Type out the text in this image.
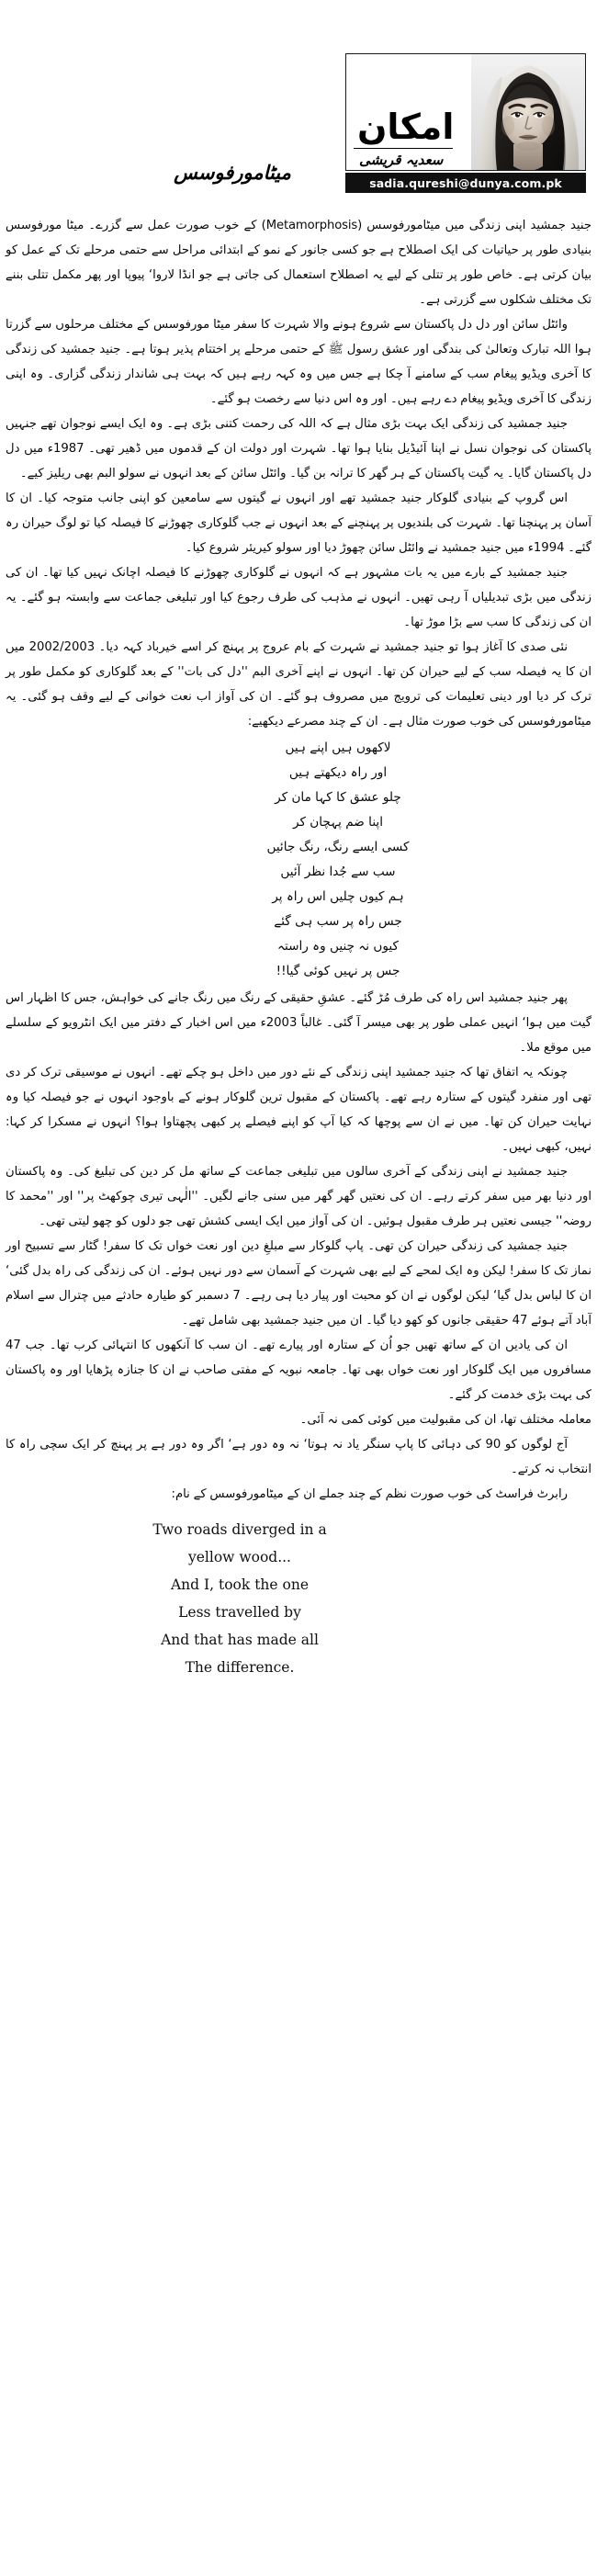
امکان
سعدیہ قریشی
sadia.qureshi@dunya.com.pk
میٹامورفوسس

جنید جمشید اپنی زندگی میں میٹامورفوسس (Metamorphosis) کے خوب صورت عمل سے گزرے۔ میٹا مورفوسس بنیادی طور پر حیاتیات کی ایک اصطلاح ہے جو کسی جانور کے نمو کے ابتدائی مراحل سے حتمی مرحلے تک کے عمل کو بیان کرتی ہے۔ خاص طور پر تتلی کے لیے یہ اصطلاح استعمال کی جاتی ہے جو انڈا لاروا‘ پیوپا اور پھر مکمل تتلی بننے تک مختلف شکلوں سے گزرتی ہے۔

وائٹل سائن اور دل دل پاکستان سے شروع ہونے والا شہرت کا سفر میٹا مورفوسس کے مختلف مرحلوں سے گزرتا ہوا اللہ تبارک وتعالیٰ کی بندگی اور عشق رسول ﷺ کے حتمی مرحلے پر اختتام پذیر ہوتا ہے۔ جنید جمشید کی زندگی کا آخری ویڈیو پیغام سب کے سامنے آ چکا ہے جس میں وہ کہہ رہے ہیں کہ بہت ہی شاندار زندگی گزاری۔ وہ اپنی زندگی کا آخری ویڈیو پیغام دے رہے ہیں۔ اور وہ اس دنیا سے رخصت ہو گئے۔

جنید جمشید کی زندگی ایک بہت بڑی مثال ہے کہ اللہ کی رحمت کتنی بڑی ہے۔ وہ ایک ایسے نوجوان تھے جنہیں پاکستان کی نوجوان نسل نے اپنا آئیڈیل بنایا ہوا تھا۔ شہرت اور دولت ان کے قدموں میں ڈھیر تھی۔ 1987ء میں دل دل پاکستان گایا۔ یہ گیت پاکستان کے ہر گھر کا ترانہ بن گیا۔ وائٹل سائن کے بعد انہوں نے سولو البم بھی ریلیز کیے۔

اس گروپ کے بنیادی گلوکار جنید جمشید تھے اور انہوں نے گیتوں سے سامعین کو اپنی جانب متوجہ کیا۔ ان کا آسان پر پہنچنا تھا۔ شہرت کی بلندیوں پر پہنچنے کے بعد انہوں نے جب گلوکاری چھوڑنے کا فیصلہ کیا تو لوگ حیران رہ گئے۔ 1994ء میں جنید جمشید نے وائٹل سائن چھوڑ دیا اور سولو کیریئر شروع کیا۔

جنید جمشید کے بارے میں یہ بات مشہور ہے کہ انہوں نے گلوکاری چھوڑنے کا فیصلہ اچانک نہیں کیا تھا۔ ان کی زندگی میں بڑی تبدیلیاں آ رہی تھیں۔ انہوں نے مذہب کی طرف رجوع کیا اور تبلیغی جماعت سے وابستہ ہو گئے۔ یہ ان کی زندگی کا سب سے بڑا موڑ تھا۔

نئی صدی کا آغاز ہوا تو جنید جمشید نے شہرت کے بام عروج پر پہنچ کر اسے خیرباد کہہ دیا۔ 2002/2003 میں ان کا یہ فیصلہ سب کے لیے حیران کن تھا۔ انہوں نے اپنے آخری البم ''دل کی بات'' کے بعد گلوکاری کو مکمل طور پر ترک کر دیا اور دینی تعلیمات کی ترویج میں مصروف ہو گئے۔ ان کی آواز اب نعت خوانی کے لیے وقف ہو گئی۔ یہ میٹامورفوسس کی خوب صورت مثال ہے۔ ان کے چند مصرعے دیکھیے:

لاکھوں ہیں اپنے ہیں
اور راہ دیکھتے ہیں
چلو عشق کا کہا مان کر
اپنا ضم پہچان کر
کسی ایسے رنگ، رنگ جائیں
سب سے جُدا نظر آئیں
ہم کیوں چلیں اس راہ پر
جس راہ پر سب ہی گئے
کیوں نہ چنیں وہ راستہ
جس پر نہیں کوئی گیا!!

پھر جنید جمشید اس راہ کی طرف مُڑ گئے۔ عشقِ حقیقی کے رنگ میں رنگ جانے کی خواہش، جس کا اظہار اس گیت میں ہوا‘ انہیں عملی طور پر بھی میسر آ گئی۔ غالباً 2003ء میں اس اخبار کے دفتر میں ایک انٹرویو کے سلسلے میں موقع ملا۔

چونکہ یہ اتفاق تھا کہ جنید جمشید اپنی زندگی کے نئے دور میں داخل ہو چکے تھے۔ انہوں نے موسیقی ترک کر دی تھی اور منفرد گیتوں کے ستارہ رہے تھے۔ پاکستان کے مقبول ترین گلوکار ہونے کے باوجود انہوں نے جو فیصلہ کیا وہ نہایت حیران کن تھا۔ میں نے ان سے پوچھا کہ کیا آپ کو اپنے فیصلے پر کبھی پچھتاوا ہوا؟ انہوں نے مسکرا کر کہا: نہیں، کبھی نہیں۔

جنید جمشید نے اپنی زندگی کے آخری سالوں میں تبلیغی جماعت کے ساتھ مل کر دین کی تبلیغ کی۔ وہ پاکستان اور دنیا بھر میں سفر کرتے رہے۔ ان کی نعتیں گھر گھر میں سنی جانے لگیں۔ ''الٰہی تیری چوکھٹ پر'' اور ''محمد کا روضہ'' جیسی نعتیں ہر طرف مقبول ہوئیں۔ ان کی آواز میں ایک ایسی کشش تھی جو دلوں کو چھو لیتی تھی۔

جنید جمشید کی زندگی حیران کن تھی۔ پاپ گلوکار سے مبلغِ دین اور نعت خواں تک کا سفر! گٹار سے تسبیح اور نماز تک کا سفر! لیکن وہ ایک لمحے کے لیے بھی شہرت کے آسمان سے دور نہیں ہوئے۔ ان کی زندگی کی راہ بدل گئی‘ ان کا لباس بدل گیا‘ لیکن لوگوں نے ان کو محبت اور پیار دیا ہی رہے۔ 7 دسمبر کو طیارہ حادثے میں چترال سے اسلام آباد آتے ہوئے 47 حقیقی جانوں کو کھو دیا گیا۔ ان میں جنید جمشید بھی شامل تھے۔

ان کی یادیں ان کے ساتھ تھیں جو اُن کے ستارہ اور پیارے تھے۔ ان سب کا آنکھوں کا انتہائی کرب تھا۔ جب 47 مسافروں میں ایک گلوکار اور نعت خواں بھی تھا۔ جامعہ نبویہ کے مفتی صاحب نے ان کا جنازہ پڑھایا اور وہ پاکستان کی بہت بڑی خدمت کر گئے۔

معاملہ مختلف تھا، ان کی مقبولیت میں کوئی کمی نہ آئی۔

آج لوگوں کو 90 کی دہائی کا پاپ سنگر یاد نہ ہوتا‘ نہ وہ دور ہے‘ اگر وہ دور ہے پر پہنچ کر ایک سچی راہ کا انتخاب نہ کرتے۔

رابرٹ فراسٹ کی خوب صورت نظم کے چند جملے ان کے میٹامورفوسس کے نام:

Two roads diverged in a
yellow wood...
And I, took the one
Less travelled by
And that has made all
The difference.
